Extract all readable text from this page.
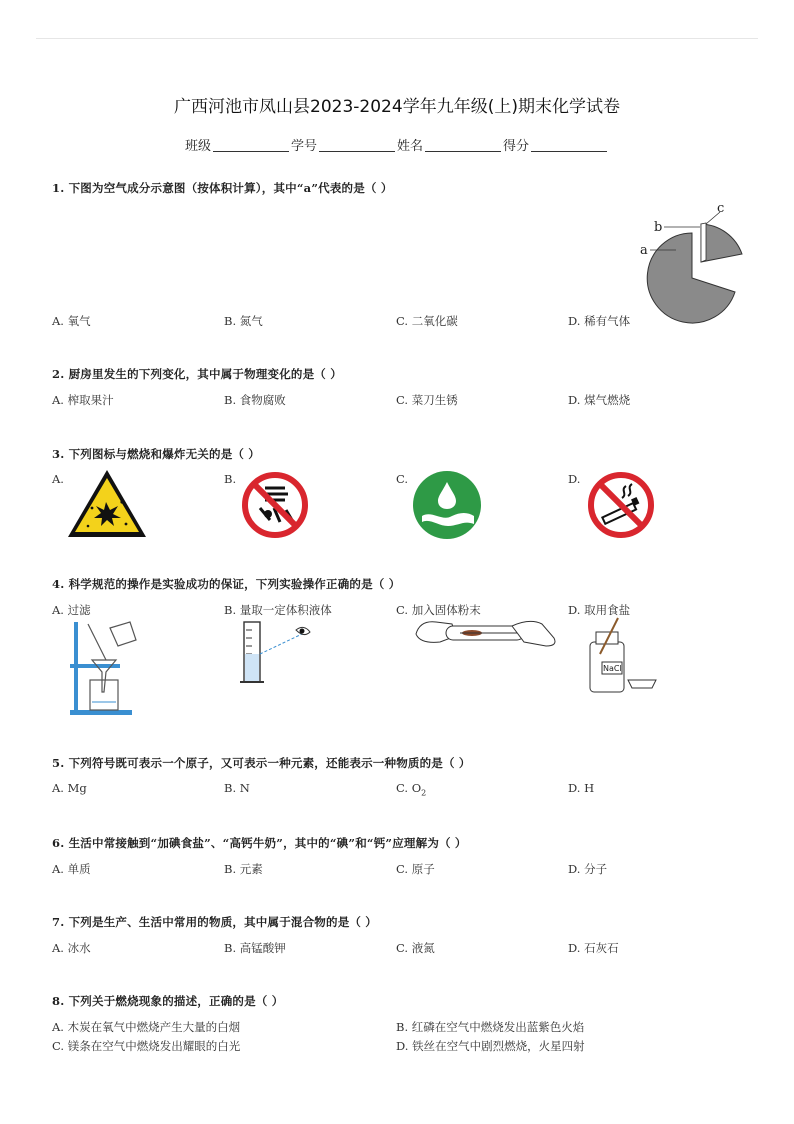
广西河池市凤山县2023-2024学年九年级(上)期末化学试卷
班级	学号	姓名	得分
1. 下图为空气成分示意图（按体积计算），其中“a”代表的是（ ）
a
b
c
A. 氧气	B. 氮气	C. 二氧化碳	D. 稀有气体
2. 厨房里发生的下列变化，其中属于物理变化的是（ ）
A. 榨取果汁	B. 食物腐败	C. 菜刀生锈	D. 煤气燃烧
3. 下列图标与燃烧和爆炸无关的是（ ）
A.	B.	C.	D.
4. 科学规范的操作是实验成功的保证，下列实验操作正确的是（ ）
A. 过滤	B. 量取一定体积液体	C. 加入固体粉末	D. 取用食盐
NaCl
5. 下列符号既可表示一个原子，又可表示一种元素，还能表示一种物质的是（ ）
A. Mg	B. N	C. $O_2$	D. H
6. 生活中常接触到“加碘食盐”、“高钙牛奶”，其中的“碘”和“钙”应理解为（ ）
A. 单质	B. 元素	C. 原子	D. 分子
7. 下列是生产、生活中常用的物质，其中属于混合物的是（ ）
A. 冰水	B. 高锰酸钾	C. 液氮	D. 石灰石
8. 下列关于燃烧现象的描述，正确的是（ ）
A. 木炭在氧气中燃烧产生大量的白烟	B. 红磷在空气中燃烧发出蓝紫色火焰
C. 镁条在空气中燃烧发出耀眼的白光	D. 铁丝在空气中剧烈燃烧，火星四射
